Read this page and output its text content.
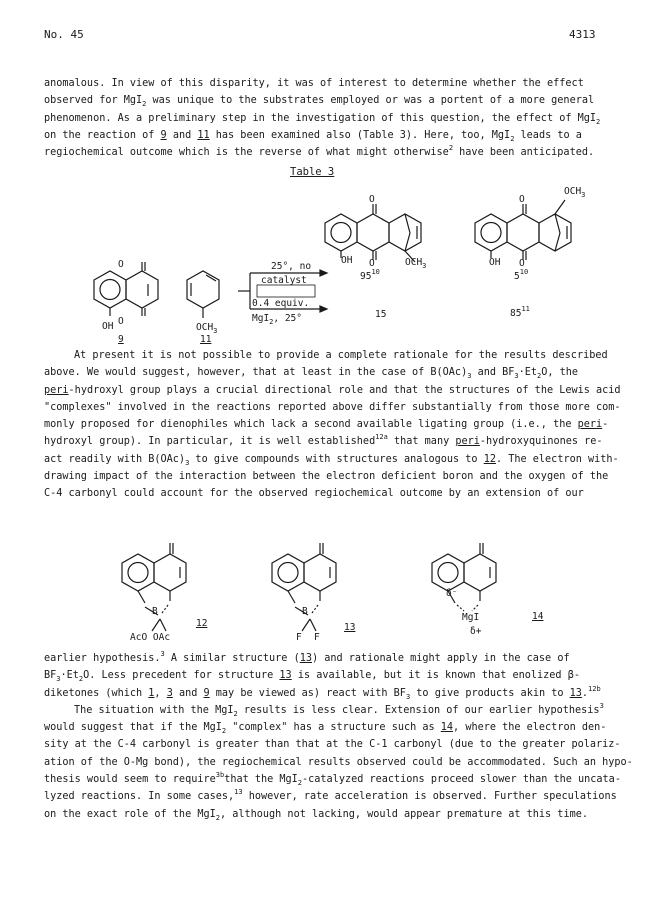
No. 45	4313

anomalous. In view of this disparity, it was of interest to determine whether the effect

observed for MgI$_2$ was unique to the substrates employed or was a portent of a more general

phenomenon. As a preliminary step in the investigation of this question, the effect of MgI$_2$

on the reaction of 9 and 11 has been examined also (Table 3). Here, too, MgI$_2$ leads to a

regiochemical outcome which is the reverse of what might otherwise$^2$ have been anticipated.

Table 3
O
O
OH	$OCH_3$
9	11
25°, no
catalyst
0.4 equiv.
MgI$_2$, 25°
OH O	$OCH_3$
O
$95^{10}$
15
OH O
O
$OCH_3$
$5^{10}$
$85^{11}$

At present it is not possible to provide a complete rationale for the results described

above. We would suggest, however, that at least in the case of $B(OAc)_3$ and $BF_3\cdot Et_2O$, the

peri-hydroxyl group plays a crucial directional role and that the structures of the Lewis acid

"complexes" involved in the reactions reported above differ substantially from those more com-

monly proposed for dienophiles which lack a second available ligating group (i.e., the peri-

hydroxyl group). In particular, it is well established$^{12a}$ that many peri-hydroxyquinones re-

act readily with $B(OAc)_3$ to give compounds with structures analogous to 12. The electron with-

drawing impact of the interaction between the electron deficient boron and the oxygen of the

C-4 carbonyl could account for the observed regiochemical outcome by an extension of our

B
AcO OAc
12
B
F F
13
δ⁻
MgI
δ+
14

earlier hypothesis.$^3$ A similar structure (13) and rationale might apply in the case of

$BF_3\cdot Et_2O$. Less precedent for structure 13 is available, but it is known that enolized β-

diketones (which 1, 3 and 9 may be viewed as) react with $BF_3$ to give products akin to 13.$^{12b}$

The situation with the MgI$_2$ results is less clear. Extension of our earlier hypothesis$^3$

would suggest that if the MgI$_2$ "complex" has a structure such as 14, where the electron den-

sity at the C-4 carbonyl is greater than that at the C-1 carbonyl (due to the greater polariz-

ation of the O-Mg bond), the regiochemical results observed could be accommodated. Such an hypo-

thesis would seem to require$^{3b}$that the MgI$_2$-catalyzed reactions proceed slower than the uncata-

lyzed reactions. In some cases,$^{13}$ however, rate acceleration is observed. Further speculations

on the exact role of the MgI$_2$, although not lacking, would appear premature at this time.
